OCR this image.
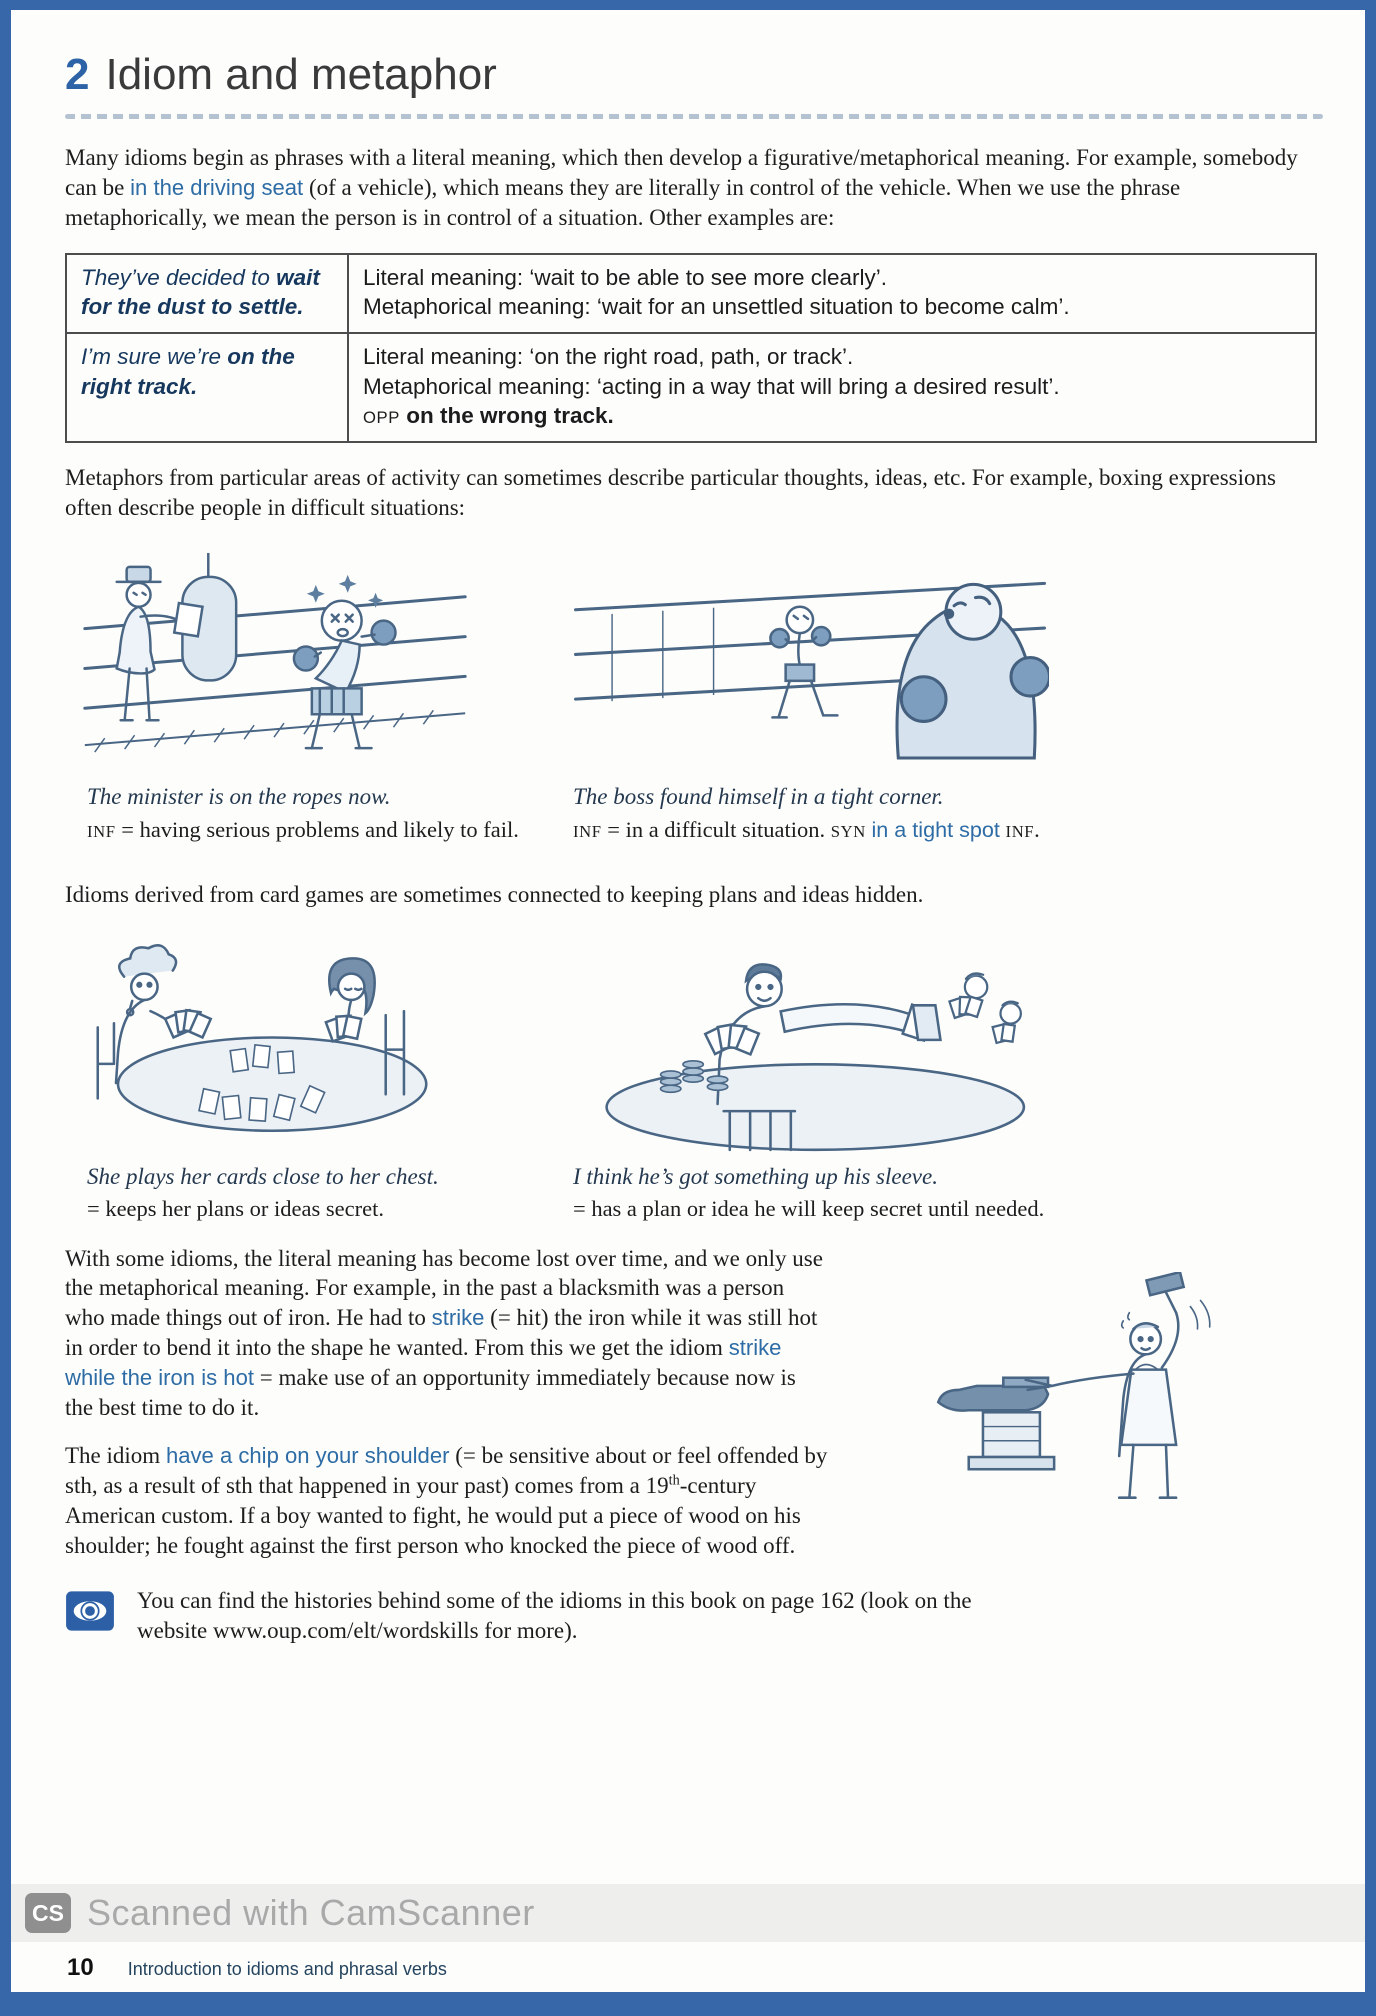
2 Idiom and metaphor

Many idioms begin as phrases with a literal meaning, which then develop a figurative/metaphorical meaning. For example, somebody can be in the driving seat (of a vehicle), which means they are literally in control of the vehicle. When we use the phrase metaphorically, we mean the person is in control of a situation. Other examples are:

They’ve decided to wait for the dust to settle.	Literal meaning: ‘wait to be able to see more clearly’.
Metaphorical meaning: ‘wait for an unsettled situation to become calm’.

I’m sure we’re on the right track.	Literal meaning: ‘on the right road, path, or track’.
Metaphorical meaning: ‘acting in a way that will bring a desired result’.
OPP on the wrong track.

Metaphors from particular areas of activity can sometimes describe particular thoughts, ideas, etc. For example, boxing expressions often describe people in difficult situations:

The minister is on the ropes now.
INF = having serious problems and likely to fail.
The boss found himself in a tight corner.
INF = in a difficult situation. SYN in a tight spot INF.

Idioms derived from card games are sometimes connected to keeping plans and ideas hidden.

She plays her cards close to her chest.
= keeps her plans or ideas secret.
I think he’s got something up his sleeve.
= has a plan or idea he will keep secret until needed.

With some idioms, the literal meaning has become lost over time, and we only use the metaphorical meaning. For example, in the past a blacksmith was a person who made things out of iron. He had to strike (= hit) the iron while it was still hot in order to bend it into the shape he wanted. From this we get the idiom strike while the iron is hot = make use of an opportunity immediately because now is the best time to do it.

The idiom have a chip on your shoulder (= be sensitive about or feel offended by sth, as a result of sth that happened in your past) comes from a 19th-century American custom. If a boy wanted to fight, he would put a piece of wood on his shoulder; he fought against the first person who knocked the piece of wood off.

You can find the histories behind some of the idioms in this book on page 162 (look on the website www.oup.com/elt/wordskills for more).

CS Scanned with CamScanner
10 Introduction to idioms and phrasal verbs
